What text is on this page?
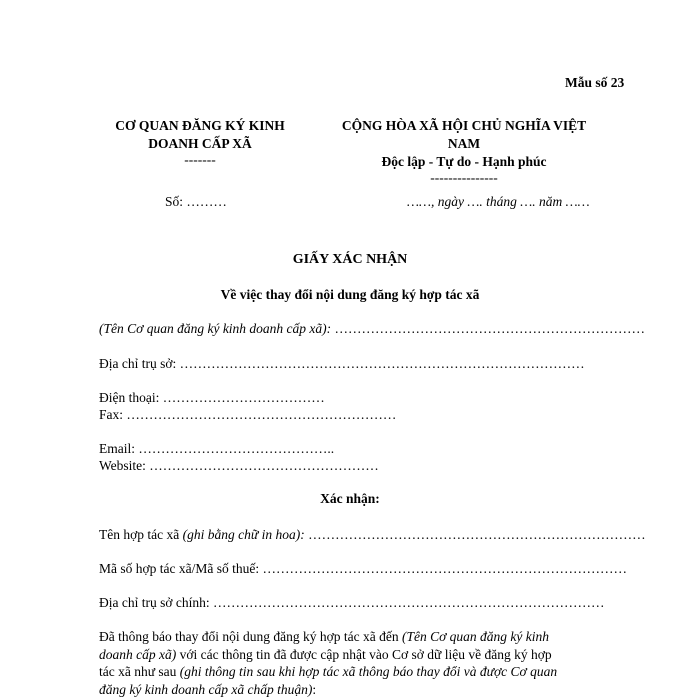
Mẫu số 23
CƠ QUAN ĐĂNG KÝ KINH
DOANH CẤP XÃ
-------
CỘNG HÒA XÃ HỘI CHỦ NGHĨA VIỆT
NAM
Độc lập - Tự do - Hạnh phúc
---------------
Số: ………	……, ngày …. tháng …. năm ……
GIẤY XÁC NHẬN
Về việc thay đổi nội dung đăng ký hợp tác xã
(Tên Cơ quan đăng ký kinh doanh cấp xã): ……………………………………………………………
Địa chỉ trụ sở: ………………………………………………………………………………
Điện thoại: ………………………………
Fax: ……………………………………………………
Email: ……………………………………..
Website: ……………………………………………
Xác nhận:
Tên hợp tác xã (ghi bằng chữ in hoa): …………………………………………………………………
Mã số hợp tác xã/Mã số thuế: ………………………………………………………………………
Địa chỉ trụ sở chính: ……………………………………………………………………………
Đã thông báo thay đổi nội dung đăng ký hợp tác xã đến (Tên Cơ quan đăng ký kinh
doanh cấp xã) với các thông tin đã được cập nhật vào Cơ sở dữ liệu về đăng ký hợp
tác xã như sau (ghi thông tin sau khi hợp tác xã thông báo thay đổi và được Cơ quan
đăng ký kinh doanh cấp xã chấp thuận):
